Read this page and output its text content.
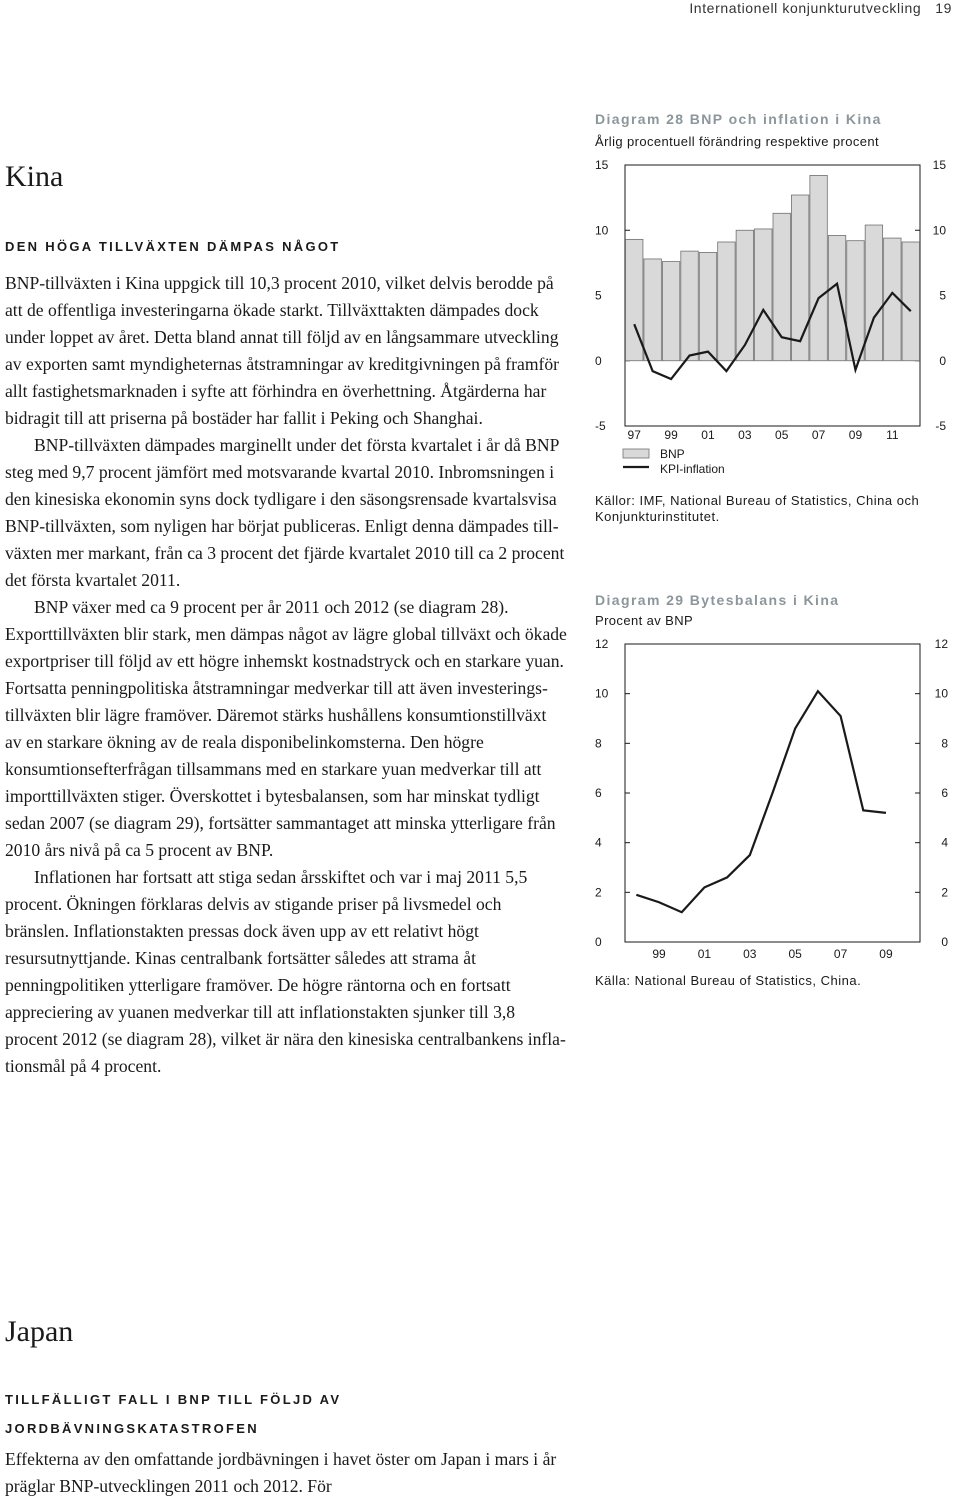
Internationell konjunkturutveckling 19
Kina
DEN HÖGA TILLVÄXTEN DÄMPAS NÅGOT

BNP-tillväxten i Kina uppgick till 10,3 procent 2010, vilket delvis berodde på att de offentliga investeringarna ökade starkt. Tillväxttakten dämpades dock under loppet av året. Detta bland annat till följd av en långsammare utveckling av exporten samt myndigheternas åtstramningar av kreditgivningen på framför allt fastighetsmarknaden i syfte att förhindra en överhettning. Åtgärderna har bidragit till att priserna på bostäder har fallit i Peking och Shanghai.

BNP-tillväxten dämpades marginellt under det första kvartalet i år då BNP steg med 9,7 procent jämfört med motsvarande kvartal 2010. Inbromsningen i den kinesiska ekonomin syns dock tydligare i den säsongsrensade kvartalsvisa BNP-tillväxten, som nyligen har börjat publiceras. Enligt denna dämpades tillväxten mer markant, från ca 3 procent det fjärde kvartalet 2010 till ca 2 procent det första kvartalet 2011.

BNP växer med ca 9 procent per år 2011 och 2012 (se diagram 28). Exporttillväxten blir stark, men dämpas något av lägre global tillväxt och ökade exportpriser till följd av ett högre inhemskt kostnadstryck och en starkare yuan. Fortsatta penningpolitiska åtstramningar medverkar till att även investeringstillväxten blir lägre framöver. Däremot stärks hushållens konsumtionstillväxt av en starkare ökning av de reala disponibelinkomsterna. Den högre konsumtionsefterfrågan tillsammans med en starkare yuan medverkar till att importtillväxten stiger. Överskottet i bytesbalansen, som har minskat tydligt sedan 2007 (se diagram 29), fortsätter sammantaget att minska ytterligare från 2010 års nivå på ca 5 procent av BNP.

Inflationen har fortsatt att stiga sedan årsskiftet och var i maj 2011 5,5 procent. Ökningen förklaras delvis av stigande priser på livsmedel och bränslen. Inflationstakten pressas dock även upp av ett relativt högt resursutnyttjande. Kinas centralbank fortsätter således att strama åt penningpolitiken ytterligare framöver. De högre räntorna och en fortsatt appreciering av yuanen medverkar till att inflationstakten sjunker till 3,8 procent 2012 (se diagram 28), vilket är nära den kinesiska centralbankens inflationsmål på 4 procent.

Japan
TILLFÄLLIGT FALL I BNP TILL FÖLJD AV JORDBÄVNINGSKATASTROFEN

Effekterna av den omfattande jordbävningen i havet öster om Japan i mars i år präglar BNP-utvecklingen 2011 och 2012. För

Diagram 28 BNP och inflation i Kina
Årlig procentuell förändring respektive procent
15	15
10	10
5	5
0	0
-5	-5
97 99 01 03 05 07 09 11
BNP
KPI-inflation
Källor: IMF, National Bureau of Statistics, China och Konjunkturinstitutet.
Diagram 29 Bytesbalans i Kina
Procent av BNP
12	12
10	10
8	8
6	6
4	4
2	2
0	0
99	01	03	05	07	09
Källa: National Bureau of Statistics, China.
